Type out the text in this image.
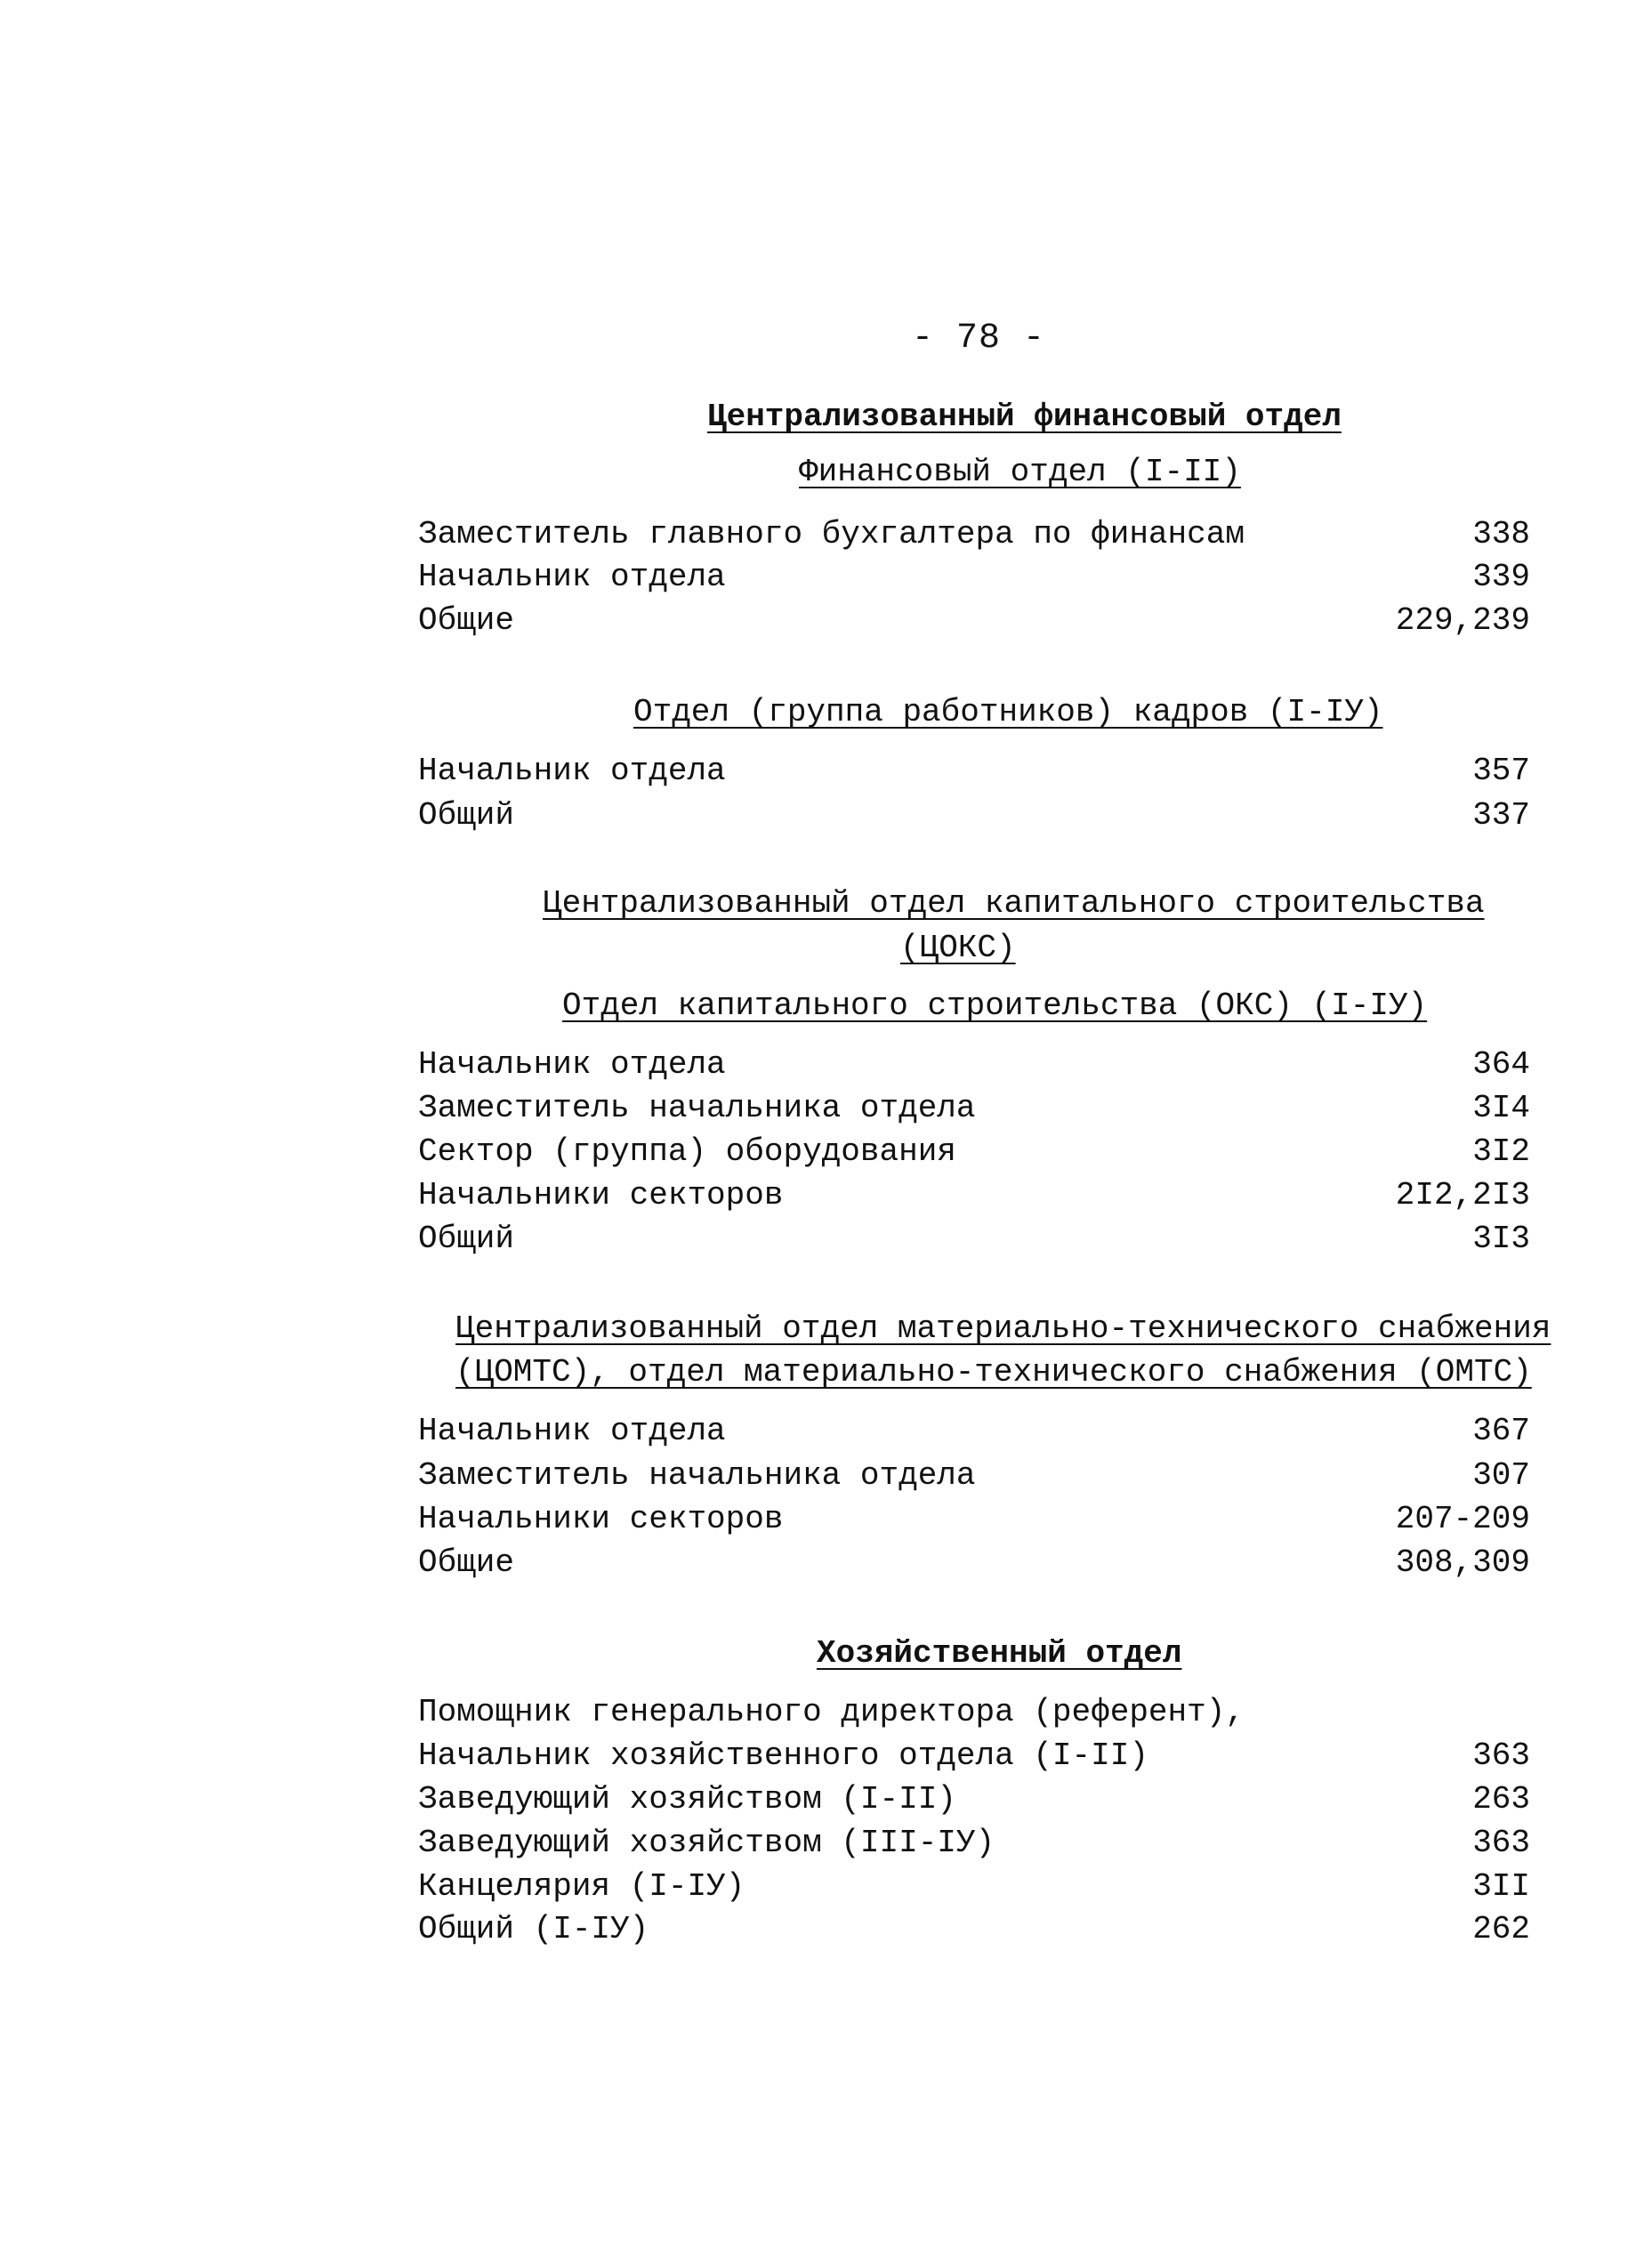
- 78 -
Централизованный финансовый отдел
Финансовый отдел (I-II)
Заместитель главного бухгалтера по финансам	338
Начальник отдела	339
Общие	229,239
Отдел (группа работников) кадров (I-IУ)
Начальник отдела	357
Общий	337
Централизованный отдел капитального строительства
(ЦОКС)
Отдел капитального строительства (ОКС) (I-IУ)
Начальник отдела	364
Заместитель начальника отдела	3I4
Сектор (группа) оборудования	3I2
Начальники секторов	2I2,2I3
Общий	3I3
Централизованный отдел материально-технического снабжения
(ЦОМТС), отдел материально-технического снабжения (ОМТС)
Начальник отдела	367
Заместитель начальника отдела	307
Начальники секторов	207-209
Общие	308,309
Хозяйственный отдел
Помощник генерального директора (референт),
Начальник хозяйственного отдела (I-II)	363
Заведующий хозяйством (I-II)	263
Заведующий хозяйством (III-IУ)	363
Канцелярия (I-IУ)	3II
Общий (I-IУ)	262
